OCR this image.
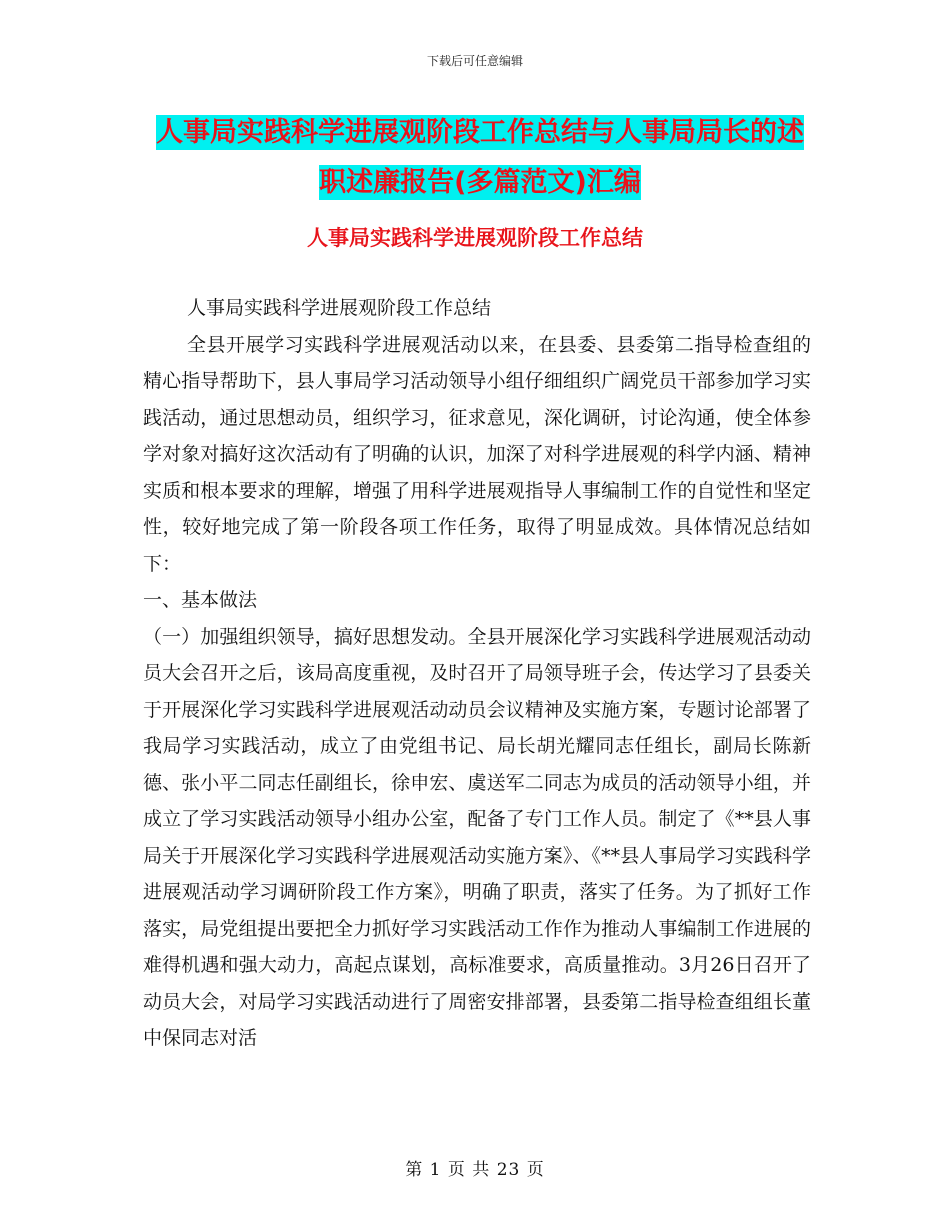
下载后可任意编辑
人事局实践科学进展观阶段工作总结与人事局局长的述职述廉报告(多篇范文)汇编
人事局实践科学进展观阶段工作总结

人事局实践科学进展观阶段工作总结

全县开展学习实践科学进展观活动以来，在县委、县委第二指导检查组的精心指导帮助下，县人事局学习活动领导小组仔细组织广阔党员干部参加学习实践活动，通过思想动员，组织学习，征求意见，深化调研，讨论沟通，使全体参学对象对搞好这次活动有了明确的认识，加深了对科学进展观的科学内涵、精神实质和根本要求的理解，增强了用科学进展观指导人事编制工作的自觉性和坚定性，较好地完成了第一阶段各项工作任务，取得了明显成效。具体情况总结如下：

一、基本做法

（一）加强组织领导，搞好思想发动。全县开展深化学习实践科学进展观活动动员大会召开之后，该局高度重视，及时召开了局领导班子会，传达学习了县委关于开展深化学习实践科学进展观活动动员会议精神及实施方案，专题讨论部署了我局学习实践活动，成立了由党组书记、局长胡光耀同志任组长，副局长陈新德、张小平二同志任副组长，徐申宏、虞送军二同志为成员的活动领导小组，并成立了学习实践活动领导小组办公室，配备了专门工作人员。制定了《**县人事局关于开展深化学习实践科学进展观活动实施方案》、《**县人事局学习实践科学进展观活动学习调研阶段工作方案》，明确了职责，落实了任务。为了抓好工作落实，局党组提出要把全力抓好学习实践活动工作作为推动人事编制工作进展的难得机遇和强大动力，高起点谋划，高标准要求，高质量推动。3月26日召开了动员大会，对局学习实践活动进行了周密安排部署，县委第二指导检查组组长董中保同志对活

第 1 页 共 23 页
